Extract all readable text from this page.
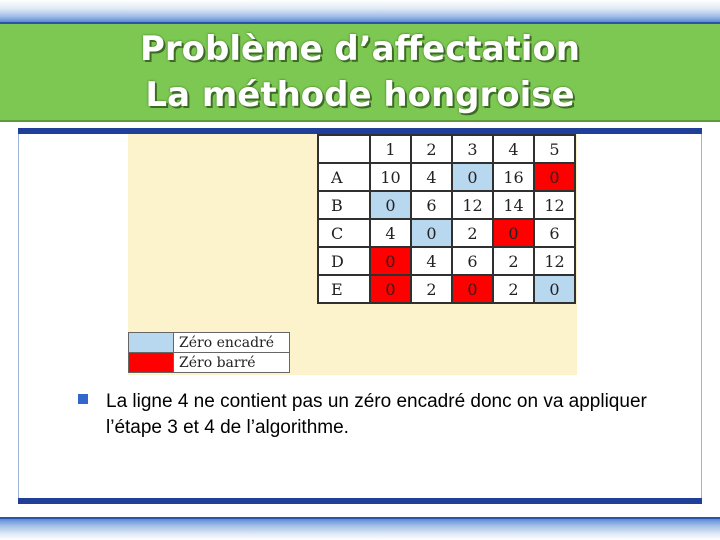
Problème d’affectation
La méthode hongroise
	1	2	3	4	5
A	10	4	0	16	0
B	0	6	12	14	12
C	4	0	2	0	6
D	0	4	6	2	12
E	0	2	0	2	0
	Zéro encadré
	Zéro barré
La ligne 4 ne contient pas un zéro encadré donc on va appliquer l’étape 3 et 4 de l’algorithme.
